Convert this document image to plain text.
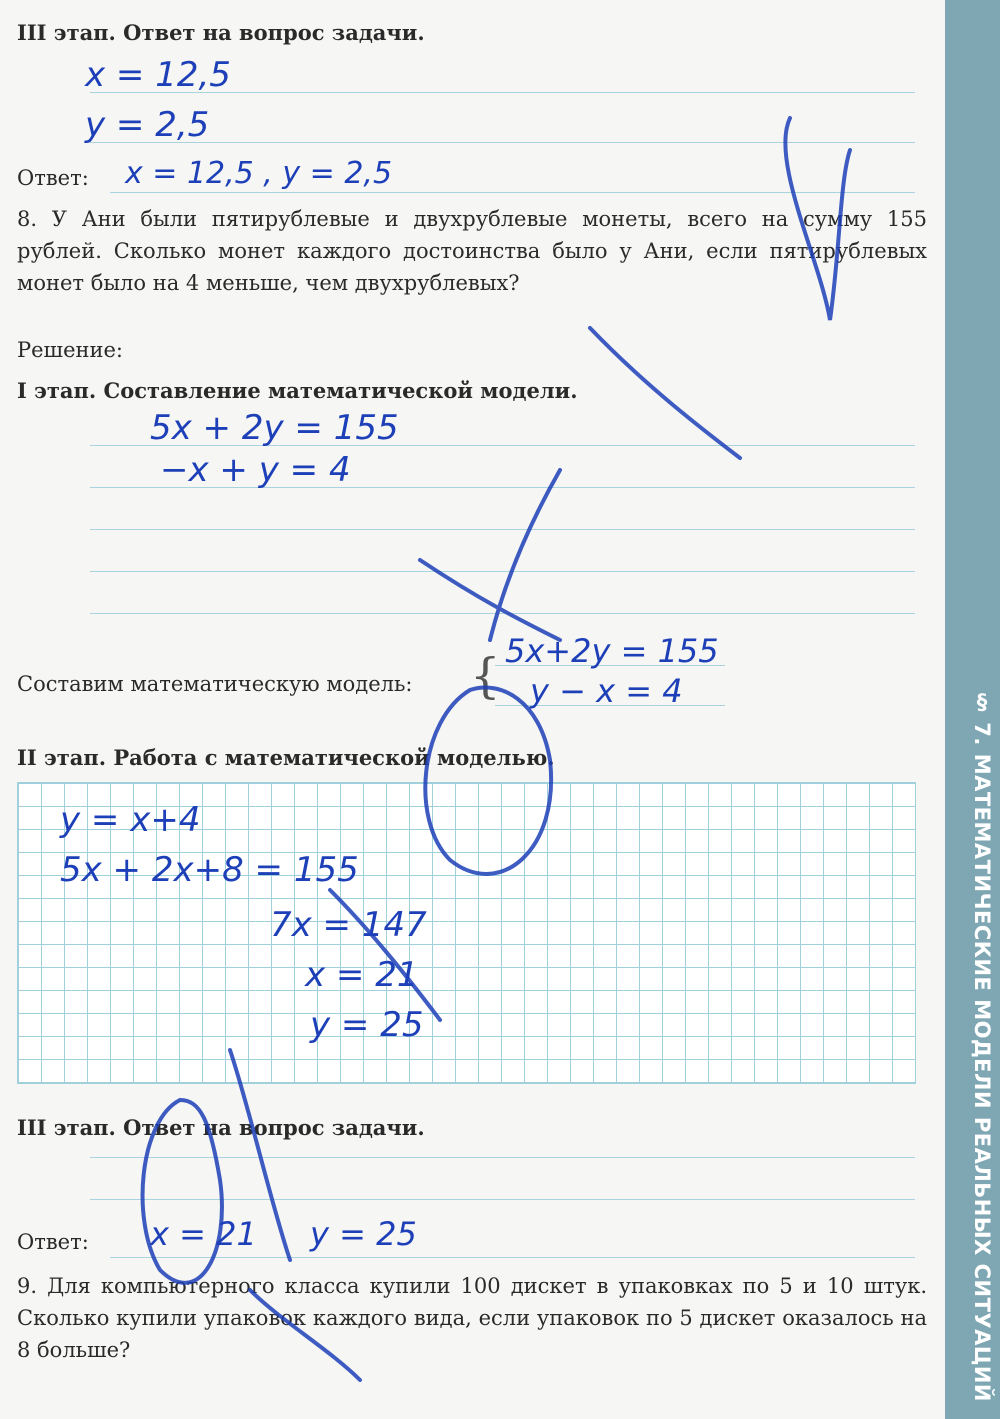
§ 7. МАТЕМАТИЧЕСКИЕ МОДЕЛИ РЕАЛЬНЫХ СИТУАЦИЙ
III этап. Ответ на вопрос задачи.
x = 12,5
y = 2,5
Ответ: x = 12,5 , y = 2,5
8. У Ани были пятирублевые и двухрублевые монеты, всего на сумму 155 рублей. Сколько монет каждого достоинства было у Ани, если пятирублевых монет было на 4 меньше, чем двухрублевых?
Решение:
I этап. Составление математической модели.
5x + 2y = 155
−x + y = 4
Составим математическую модель: { 5x+2y = 155
y − x = 4
II этап. Работа с математической моделью.
y = x+4
5x + 2x+8 = 155
7x = 147
x = 21
y = 25
III этап. Ответ на вопрос задачи.
Ответ: x = 21 y = 25
9. Для компьютерного класса купили 100 дискет в упаковках по 5 и 10 штук. Сколько купили упаковок каждого вида, если упаковок по 5 дискет оказалось на 8 больше?
